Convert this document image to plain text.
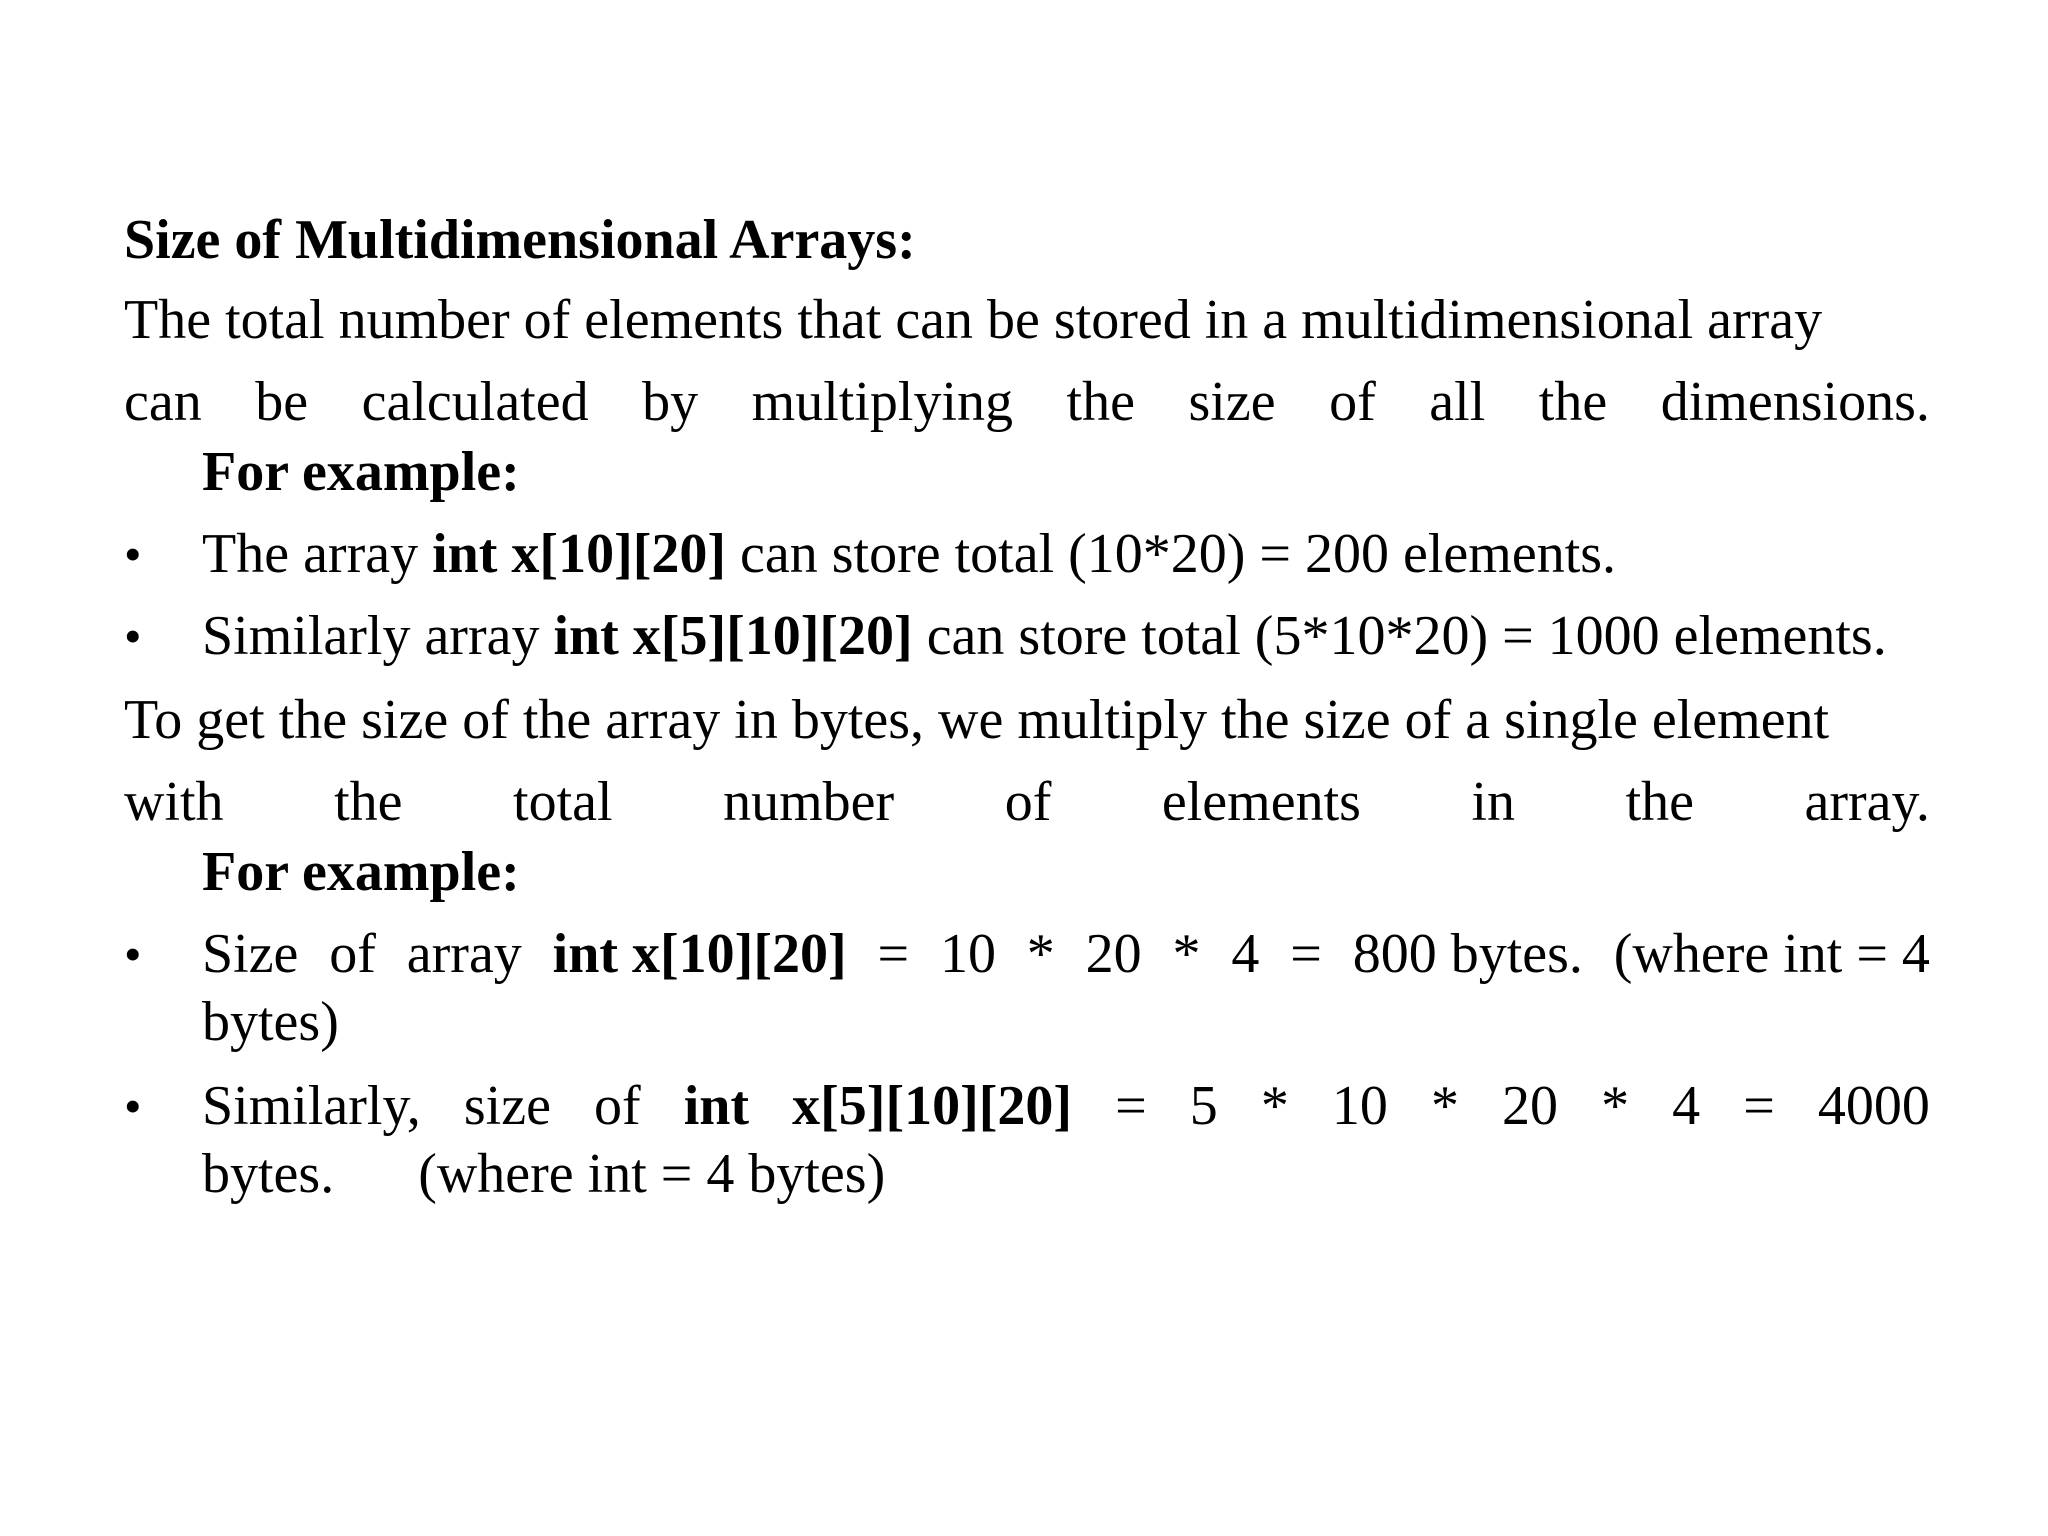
Size of Multidimensional Arrays:
The total number of elements that can be stored in a multidimensional array
can be calculated by multiplying the size of all the dimensions.
For example:
• The array int x[10][20] can store total (10*20) = 200 elements.
• Similarly array int x[5][10][20] can store total (5*10*20) = 1000 elements.
To get the size of the array in bytes, we multiply the size of a single element
with the total number of elements in the array.
For example:
• Size of array int x[10][20] = 10 * 20 * 4 = 800 bytes. (where int = 4
bytes)
• Similarly, size of int x[5][10][20] = 5 * 10 * 20 * 4 = 4000
bytes.      (where int = 4 bytes)
